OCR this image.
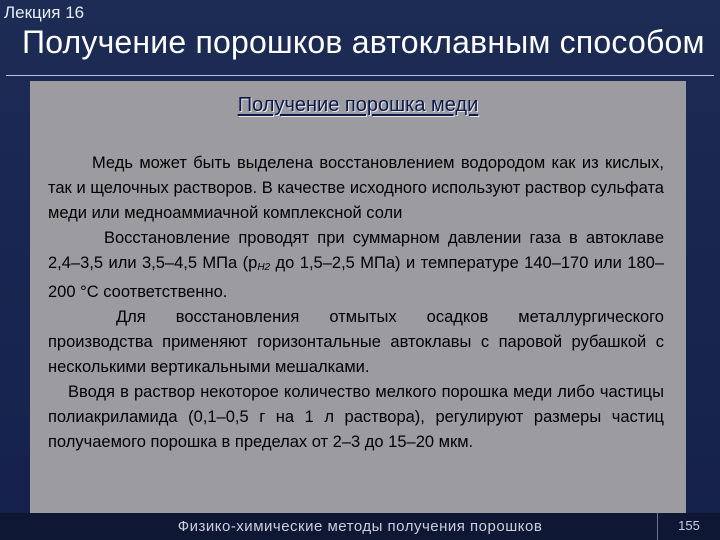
Лекция 16
Получение порошков автоклавным способом
Получение порошка меди

Медь может быть выделена восстановлением водородом как из кислых, так и щелочных растворов. В качестве исходного используют раствор сульфата меди или медноаммиачной комплексной соли

Восстановление проводят при суммарном давлении газа в автоклаве 2,4–3,5 или 3,5–4,5 МПа ($р_{H2}$ до 1,5–2,5 МПа) и температуре 140–170 или 180–200 °С соответственно.

Для восстановления отмытых осадков металлургического производства применяют горизонтальные автоклавы с паровой рубашкой с несколькими вертикальными мешалками.

Вводя в раствор некоторое количество мелкого порошка меди либо частицы полиакриламида (0,1–0,5 г на 1 л раствора), регулируют размеры частиц получаемого порошка в пределах от 2–3 до 15–20 мкм.

Физико-химические методы получения порошков	155
